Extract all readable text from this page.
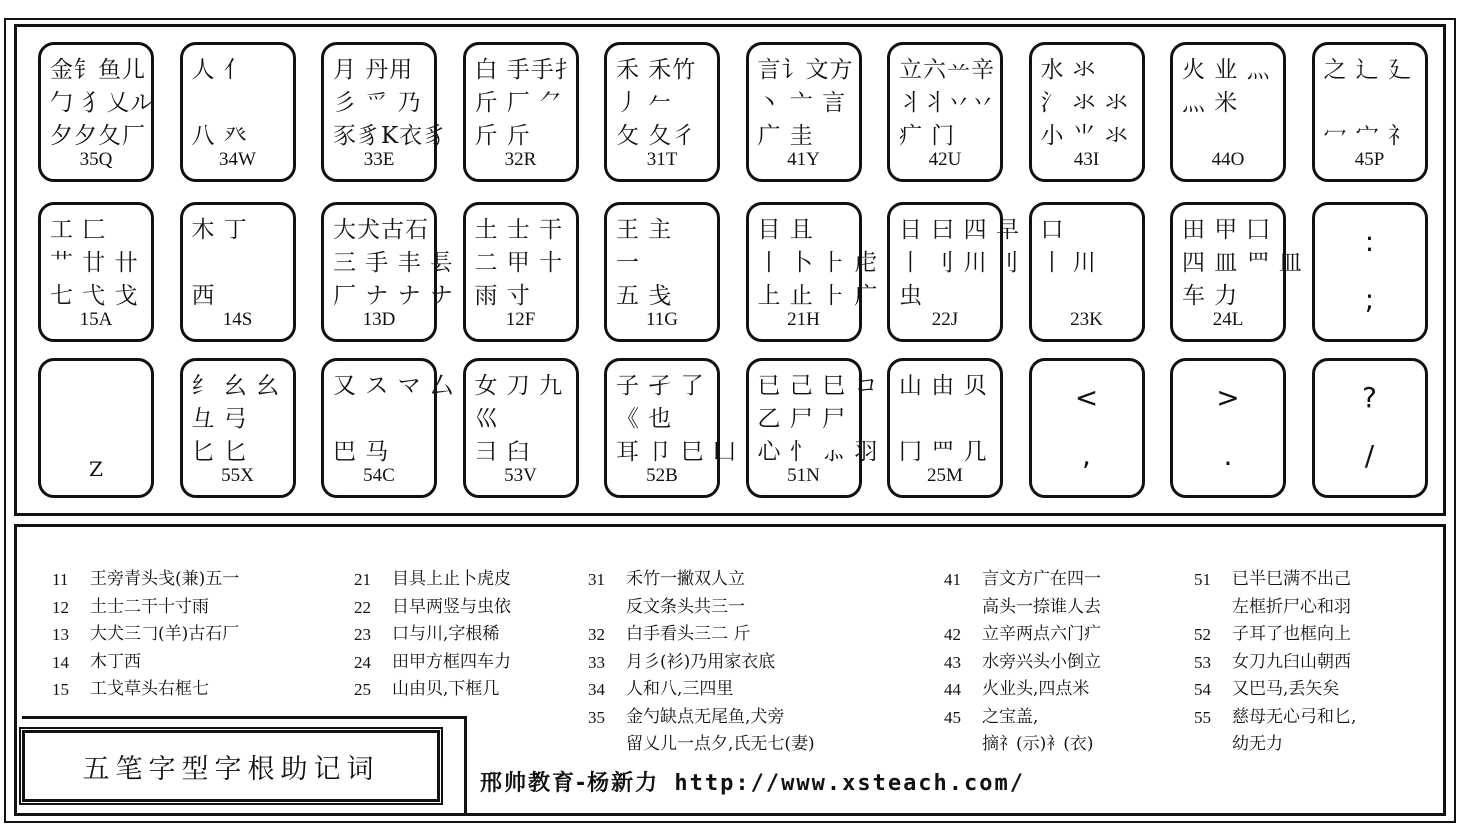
金钅鱼儿
勹 犭乂ル
夕夕夂厂
35Q
人 亻

八 癶
34W
月 丹用
彡 爫 乃
豕豸K衣豸
33E
白 手手扌
斤 厂 ⺈
斤 斤
32R
禾 禾竹
丿 𠂉
攵 夂彳
31T
言讠文方
丶 亠 言
广 圭
41Y
立六䒑辛
丬丬丷丷
疒 门
42U
水 氺
氵 氺 氺
小 ⺌ 氺
43I
火 业 灬
灬 米

44O
之 辶 廴

冖 宀 礻
45P
工 匚
艹 廿 卄
七 弋 戈
15A
木 丁

西
14S
大犬古石
三 手 丰 镸
厂 ナ ナ ナ
13D
土 士 干
二 甲 十
雨 寸
12F
王 主
一
五 戋
11G
目 且
丨 卜 ⺊ 虍
上 止 ⺊ 广
21H
日 曰 四 早
丨 刂 川 刂
虫
22J
口
丨 川

23K
田 甲 囗
四 皿 罒 皿
车 力
24L
:
;
Z
纟 幺 幺
彑 弓
匕 匕
55X
又 ス マ 厶

巴 马
54C
女 刀 九
巛
彐 臼
53V
子 孑 了
《 也
耳 卩 巳 凵
52B
已 己 巳 コ
乙 尸 尸
心 忄 ⺗ 羽
51N
山 由 贝

冂 罒 几
25M
<
,
>
.
?
/
11	王旁青头戋(兼)五一
12	土士二干十寸雨
13	大犬三𠃌(羊)古石厂
14	木丁西
15	工戈草头右框七
21	目具上止卜虎皮
22	日早两竖与虫依
23	口与川,字根稀
24	田甲方框四车力
25	山由贝,下框几
31	禾竹一撇双人立
反文条头共三一
32	白手看头三二 斤
33	月彡(衫)乃用家衣底
34	人和八,三四里
35	金勺缺点无尾鱼,犬旁
留乂儿一点夕,氏无七(妻)
41	言文方广在四一
高头一捺谁人去
42	立辛两点六门疒
43	水旁兴头小倒立
44	火业头,四点米
45	之宝盖,
摘礻(示)衤(衣)
51	已半巳满不出己
左框折尸心和羽
52	子耳了也框向上
53	女刀九臼山朝西
54	又巴马,丢矢矣
55	慈母无心弓和匕,
幼无力
五笔字型字根助记词	邢帅教育-杨新力 http://www.xsteach.com/
